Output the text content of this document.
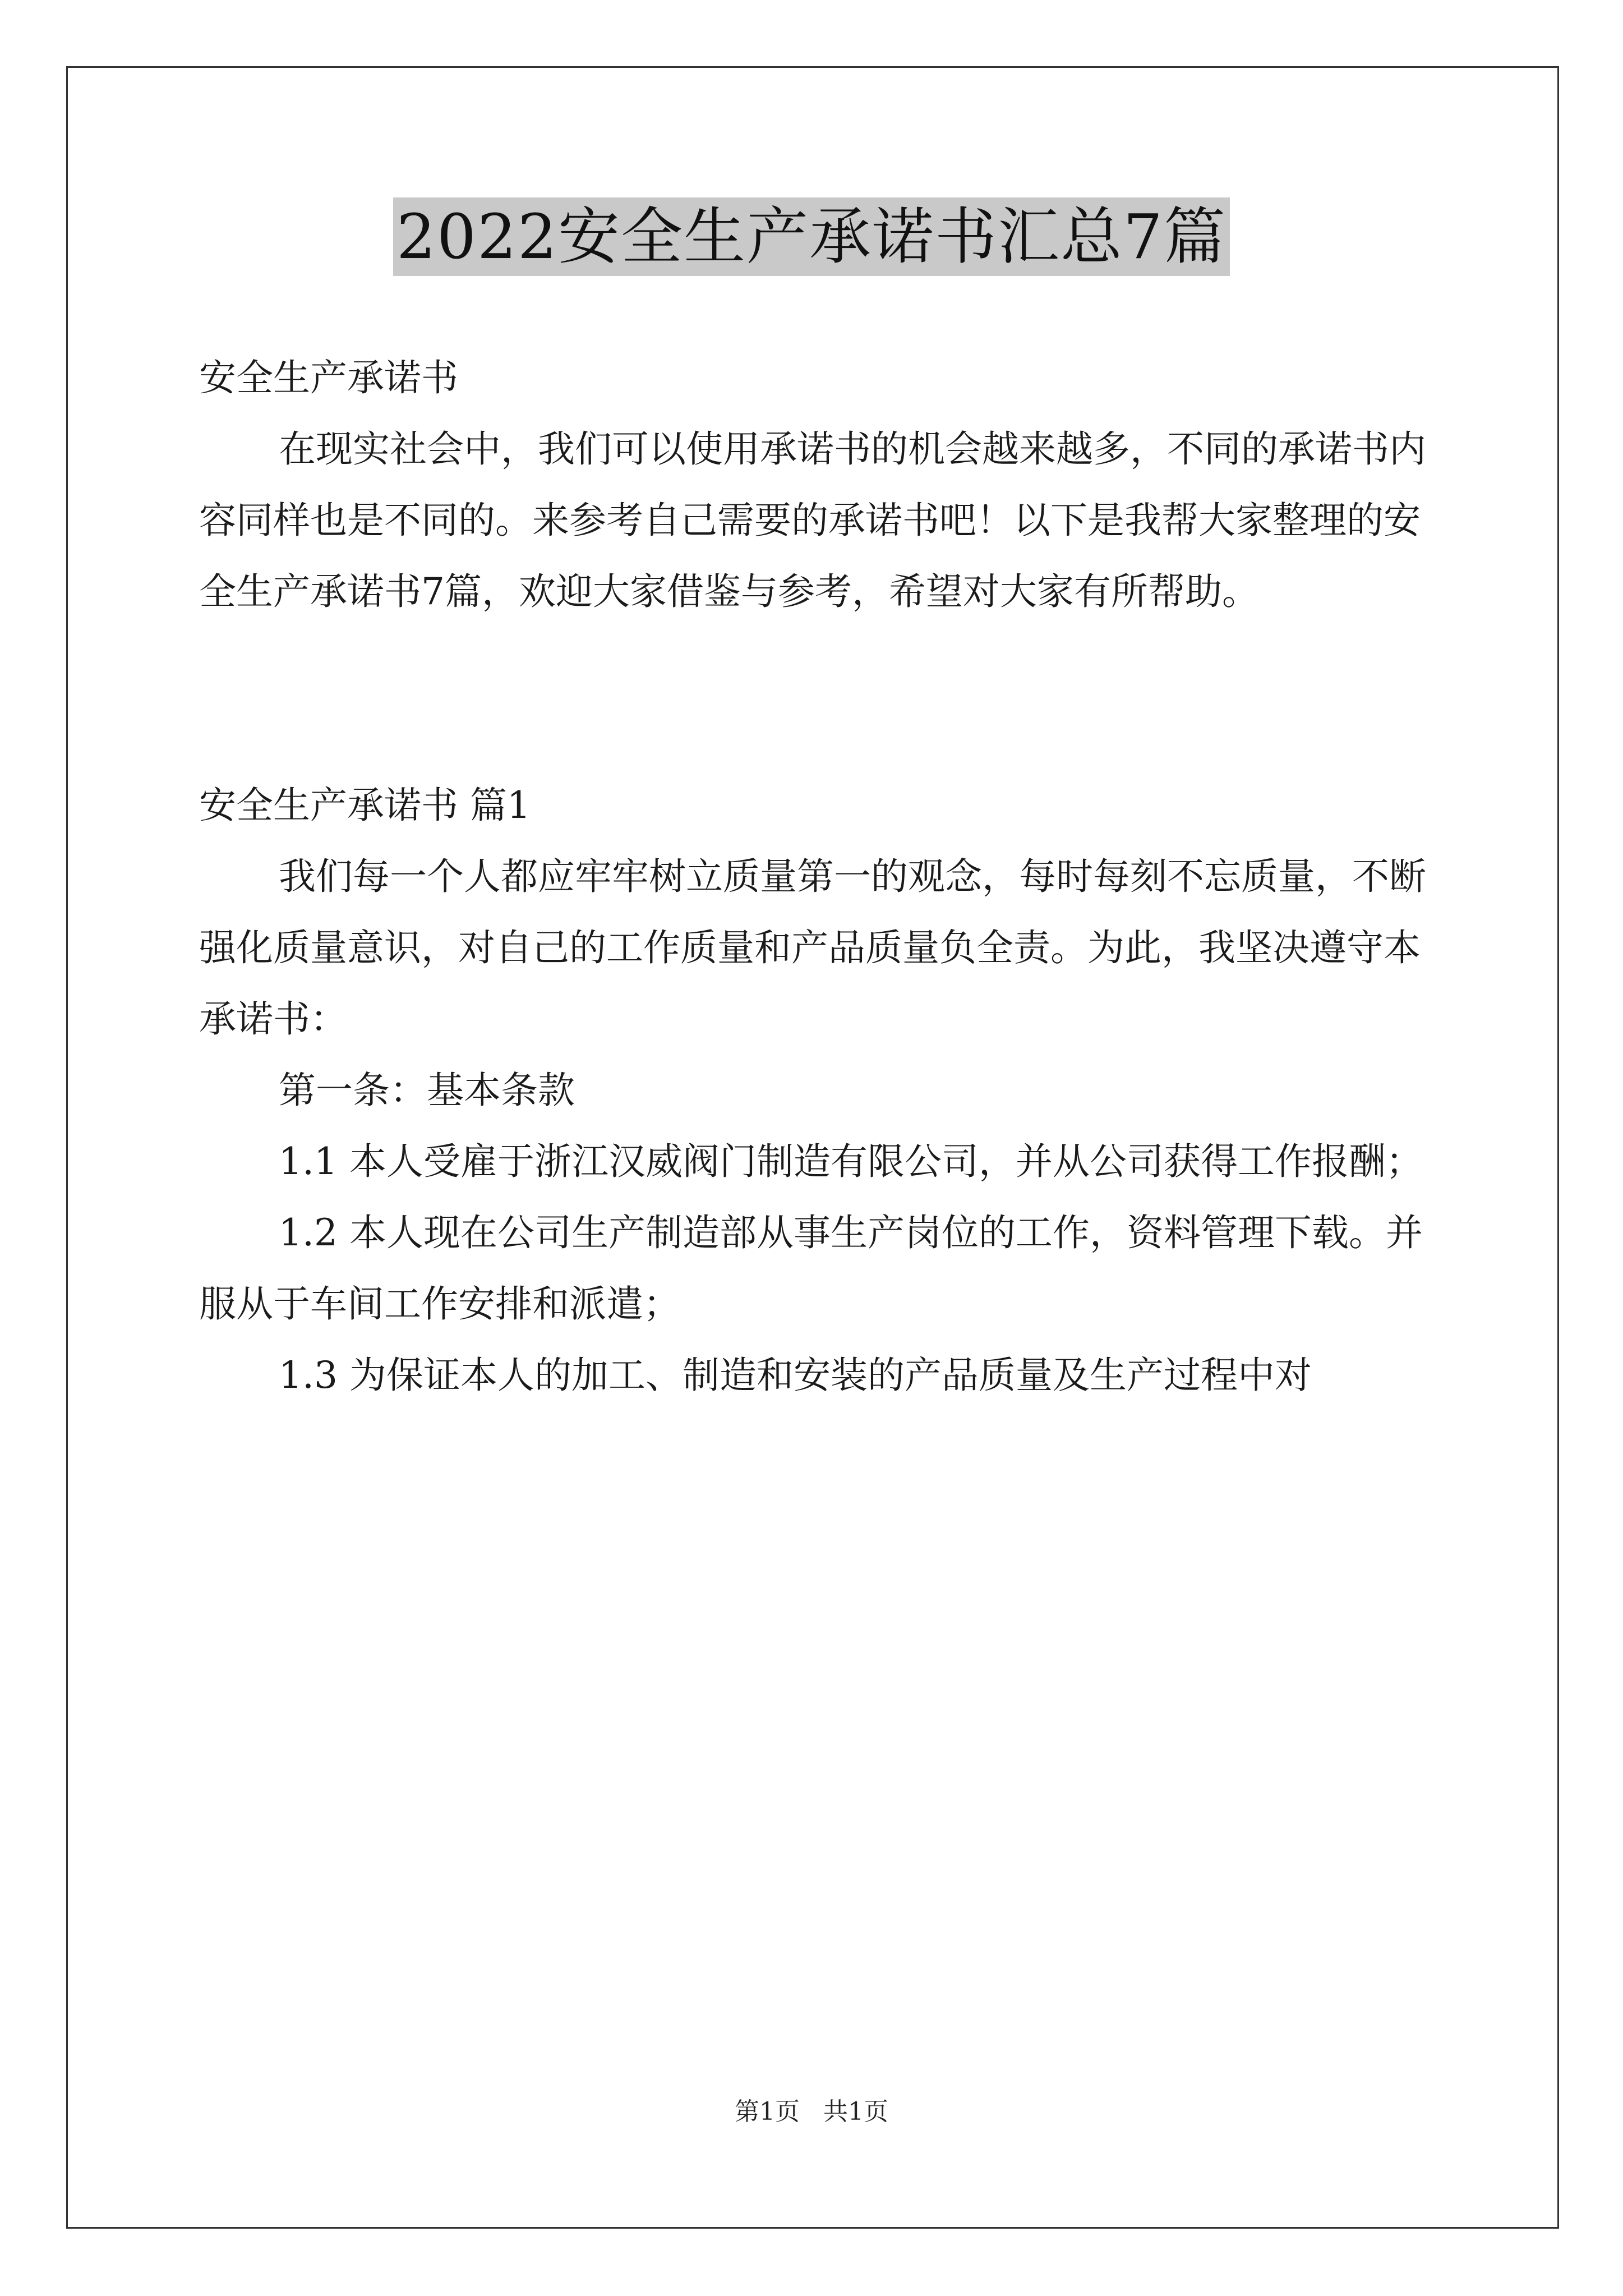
2022安全生产承诺书汇总7篇

安全生产承诺书

在现实社会中，我们可以使用承诺书的机会越来越多，不同的承诺书内容同样也是不同的。来参考自己需要的承诺书吧！以下是我帮大家整理的安全生产承诺书7篇，欢迎大家借鉴与参考，希望对大家有所帮助。

安全生产承诺书 篇1

我们每一个人都应牢牢树立质量第一的观念，每时每刻不忘质量，不断强化质量意识，对自己的工作质量和产品质量负全责。为此，我坚决遵守本承诺书：

第一条：基本条款

1.1 本人受雇于浙江汉威阀门制造有限公司，并从公司获得工作报酬；

1.2 本人现在公司生产制造部从事生产岗位的工作，资料管理下载。并服从于车间工作安排和派遣；

1.3 为保证本人的加工、制造和安装的产品质量及生产过程中对

第1页 共1页
